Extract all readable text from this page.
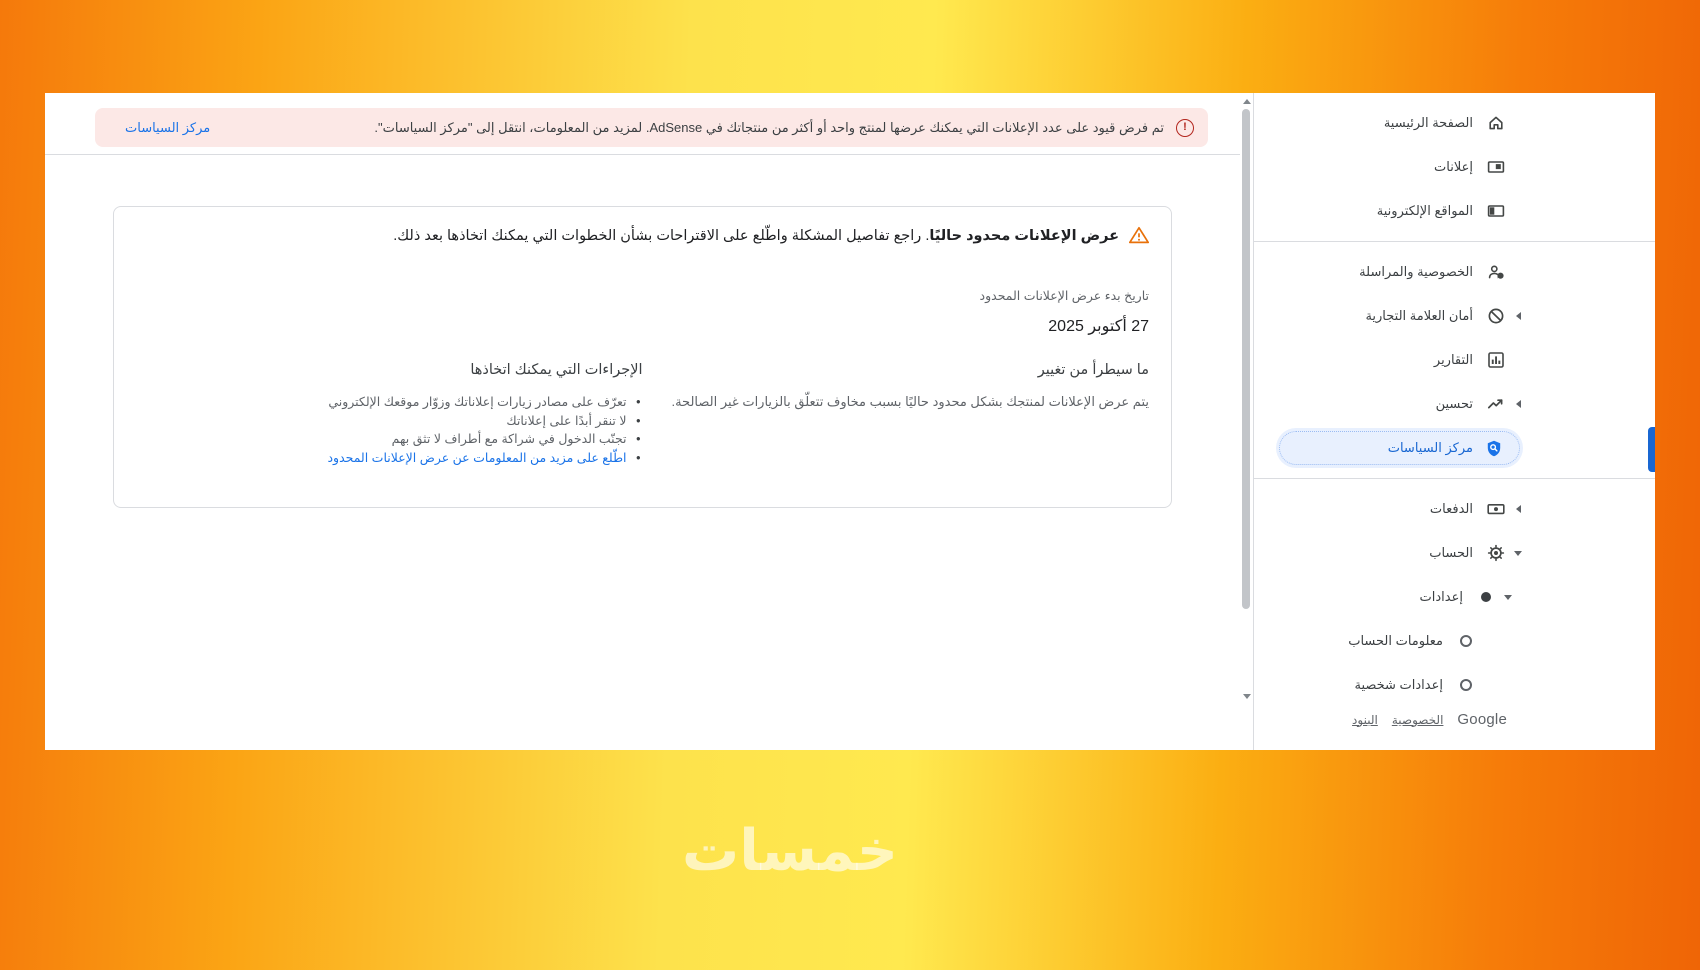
!
تم فرض قيود على عدد الإعلانات التي يمكنك عرضها لمنتج واحد أو أكثر من منتجاتك في AdSense. لمزيد من المعلومات، انتقل إلى "مركز السياسات".
مركز السياسات
عرض الإعلانات محدود حاليًا. راجع تفاصيل المشكلة واطّلع على الاقتراحات بشأن الخطوات التي يمكنك اتخاذها بعد ذلك.
تاريخ بدء عرض الإعلانات المحدود
27 أكتوبر 2025
ما سيطرأ من تغيير
يتم عرض الإعلانات لمنتجك بشكل محدود حاليًا بسبب مخاوف تتعلّق بالزيارات غير الصالحة.
الإجراءات التي يمكنك اتخاذها
• تعرّف على مصادر زيارات إعلاناتك وزوّار موقعك الإلكتروني
• لا تنقر أبدًا على إعلاناتك
• تجنّب الدخول في شراكة مع أطراف لا تثق بهم
• اطّلع على مزيد من المعلومات عن عرض الإعلانات المحدود
الصفحة الرئيسية
إعلانات
المواقع الإلكترونية
الخصوصية والمراسلة
أمان العلامة التجارية
التقارير
تحسين
مركز السياسات
الدفعات
الحساب
إعدادات
معلومات الحساب
إعدادات شخصية
Google
الخصوصية
البنود
خمسات
